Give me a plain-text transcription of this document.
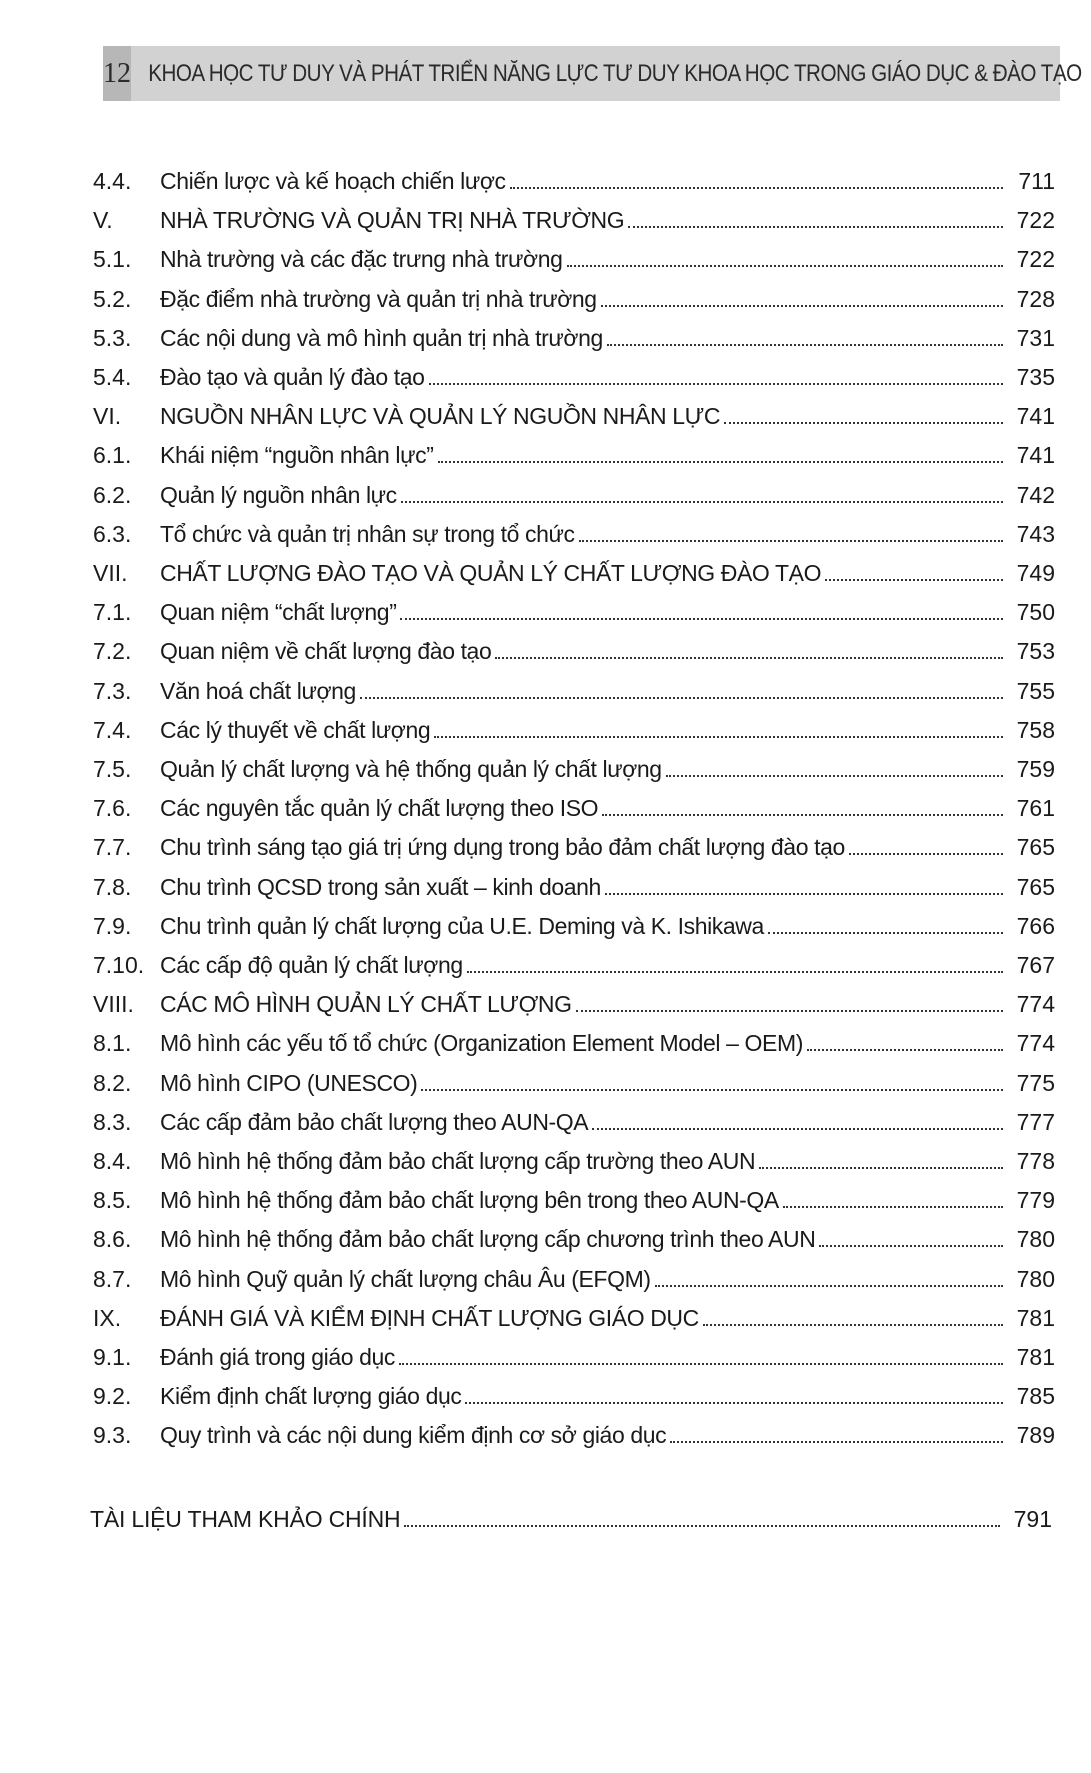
12 KHOA HỌC TƯ DUY VÀ PHÁT TRIỂN NĂNG LỰC TƯ DUY KHOA HỌC TRONG GIÁO DỤC & ĐÀO TẠO
4.4.	Chiến lược và kế hoạch chiến lược	711
V.	NHÀ TRƯỜNG VÀ QUẢN TRỊ NHÀ TRƯỜNG	722
5.1.	Nhà trường và các đặc trưng nhà trường	722
5.2.	Đặc điểm nhà trường và quản trị nhà trường	728
5.3.	Các nội dung và mô hình quản trị nhà trường	731
5.4.	Đào tạo và quản lý đào tạo	735
VI.	NGUỒN NHÂN LỰC VÀ QUẢN LÝ NGUỒN NHÂN LỰC	741
6.1.	Khái niệm “nguồn nhân lực”	741
6.2.	Quản lý nguồn nhân lực	742
6.3.	Tổ chức và quản trị nhân sự trong tổ chức	743
VII.	CHẤT LƯỢNG ĐÀO TẠO VÀ QUẢN LÝ CHẤT LƯỢNG ĐÀO TẠO	749
7.1.	Quan niệm “chất lượng”	750
7.2.	Quan niệm về chất lượng đào tạo	753
7.3.	Văn hoá chất lượng	755
7.4.	Các lý thuyết về chất lượng	758
7.5.	Quản lý chất lượng và hệ thống quản lý chất lượng	759
7.6.	Các nguyên tắc quản lý chất lượng theo ISO	761
7.7.	Chu trình sáng tạo giá trị ứng dụng trong bảo đảm chất lượng đào tạo	765
7.8.	Chu trình QCSD trong sản xuất – kinh doanh	765
7.9.	Chu trình quản lý chất lượng của U.E. Deming và K. Ishikawa	766
7.10. Các cấp độ quản lý chất lượng	767
VIII.	CÁC MÔ HÌNH QUẢN LÝ CHẤT LƯỢNG	774
8.1.	Mô hình các yếu tố tổ chức (Organization Element Model – OEM)	774
8.2.	Mô hình CIPO (UNESCO)	775
8.3.	Các cấp đảm bảo chất lượng theo AUN-QA	777
8.4.	Mô hình hệ thống đảm bảo chất lượng cấp trường theo AUN	778
8.5.	Mô hình hệ thống đảm bảo chất lượng bên trong theo AUN-QA	779
8.6.	Mô hình hệ thống đảm bảo chất lượng cấp chương trình theo AUN	780
8.7.	Mô hình Quỹ quản lý chất lượng châu Âu (EFQM)	780
IX.	ĐÁNH GIÁ VÀ KIỂM ĐỊNH CHẤT LƯỢNG GIÁO DỤC	781
9.1.	Đánh giá trong giáo dục	781
9.2.	Kiểm định chất lượng giáo dục	785
9.3.	Quy trình và các nội dung kiểm định cơ sở giáo dục	789
TÀI LIỆU THAM KHẢO CHÍNH	791
